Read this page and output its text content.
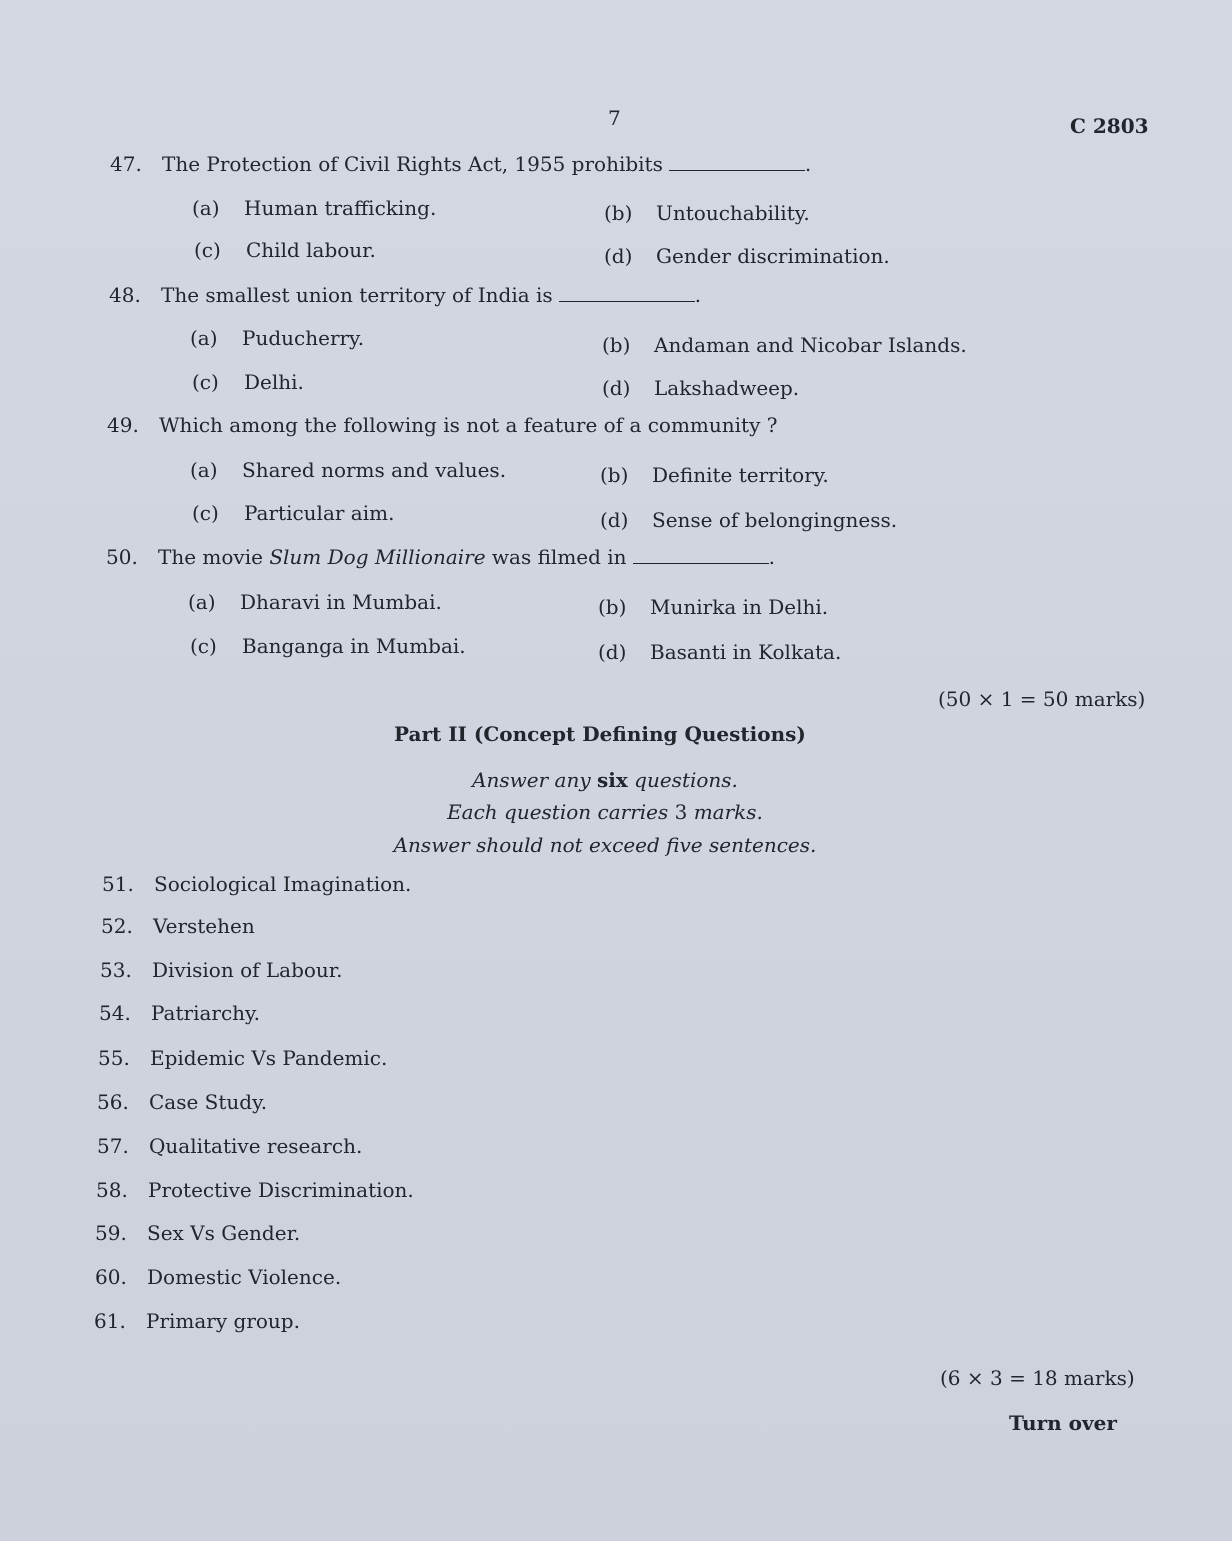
7	C 2803
47. The Protection of Civil Rights Act, 1955 prohibits	.
(a) Human trafficking.	(b) Untouchability.
(c) Child labour.	(d) Gender discrimination.
48. The smallest union territory of India is	.
(a) Puducherry.	(b) Andaman and Nicobar Islands.
(c) Delhi.	(d) Lakshadweep.
49. Which among the following is not a feature of a community ?
(a) Shared norms and values.	(b) Definite territory.
(c) Particular aim.	(d) Sense of belongingness.
50. The movie Slum Dog Millionaire was filmed in	.
(a) Dharavi in Mumbai.	(b) Munirka in Delhi.
(c) Banganga in Mumbai.	(d) Basanti in Kolkata.
(50 × 1 = 50 marks)
Part II (Concept Defining Questions)
Answer any six questions.
Each question carries 3 marks.
Answer should not exceed five sentences.
51. Sociological Imagination.
52. Verstehen
53. Division of Labour.
54. Patriarchy.
55. Epidemic Vs Pandemic.
56. Case Study.
57. Qualitative research.
58. Protective Discrimination.
59. Sex Vs Gender.
60. Domestic Violence.
61. Primary group.
(6 × 3 = 18 marks)
Turn over
